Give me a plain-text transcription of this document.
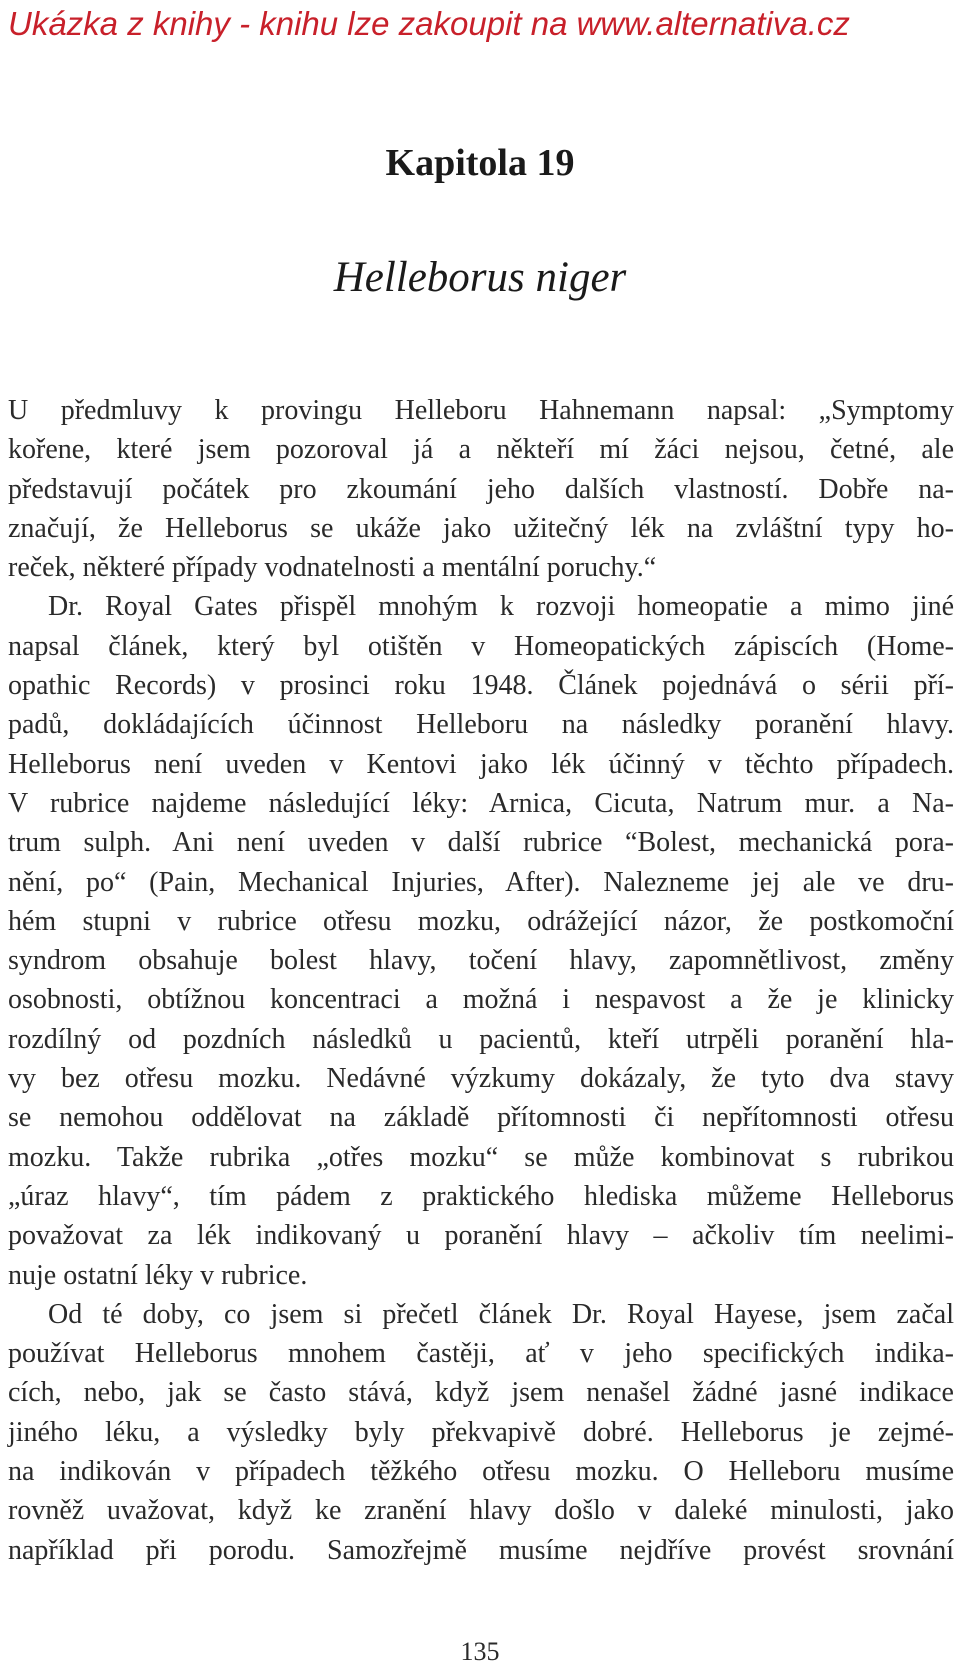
Ukázka z knihy - knihu lze zakoupit na www.alternativa.cz
Kapitola 19
Helleborus niger
U předmluvy k provingu Helleboru Hahnemann napsal: „Symptomy
kořene, které jsem pozoroval já a někteří mí žáci nejsou, četné, ale
představují počátek pro zkoumání jeho dalších vlastností. Dobře na-
značují, že Helleborus se ukáže jako užitečný lék na zvláštní typy ho-
reček, některé případy vodnatelnosti a mentální poruchy.“
Dr. Royal Gates přispěl mnohým k rozvoji homeopatie a mimo jiné
napsal článek, který byl otištěn v Homeopatických zápiscích (Home-
opathic Records) v prosinci roku 1948. Článek pojednává o sérii pří-
padů, dokládajících účinnost Helleboru na následky poranění hlavy.
Helleborus není uveden v Kentovi jako lék účinný v těchto případech.
V rubrice najdeme následující léky: Arnica, Cicuta, Natrum mur. a Na-
trum sulph. Ani není uveden v další rubrice “Bolest, mechanická pora-
nění, po“ (Pain, Mechanical Injuries, After). Nalezneme jej ale ve dru-
hém stupni v rubrice otřesu mozku, odrážející názor, že postkomoční
syndrom obsahuje bolest hlavy, točení hlavy, zapomnětlivost, změny
osobnosti, obtížnou koncentraci a možná i nespavost a že je klinicky
rozdílný od pozdních následků u pacientů, kteří utrpěli poranění hla-
vy bez otřesu mozku. Nedávné výzkumy dokázaly, že tyto dva stavy
se nemohou oddělovat na základě přítomnosti či nepřítomnosti otřesu
mozku. Takže rubrika „otřes mozku“ se může kombinovat s rubrikou
„úraz hlavy“, tím pádem z praktického hlediska můžeme Helleborus
považovat za lék indikovaný u poranění hlavy – ačkoliv tím neelimi-
nuje ostatní léky v rubrice.
Od té doby, co jsem si přečetl článek Dr. Royal Hayese, jsem začal
používat Helleborus mnohem častěji, ať v jeho specifických indika-
cích, nebo, jak se často stává, když jsem nenašel žádné jasné indikace
jiného léku, a výsledky byly překvapivě dobré. Helleborus je zejmé-
na indikován v případech těžkého otřesu mozku. O Helleboru musíme
rovněž uvažovat, když ke zranění hlavy došlo v daleké minulosti, jako
například při porodu. Samozřejmě musíme nejdříve provést srovnání
135
